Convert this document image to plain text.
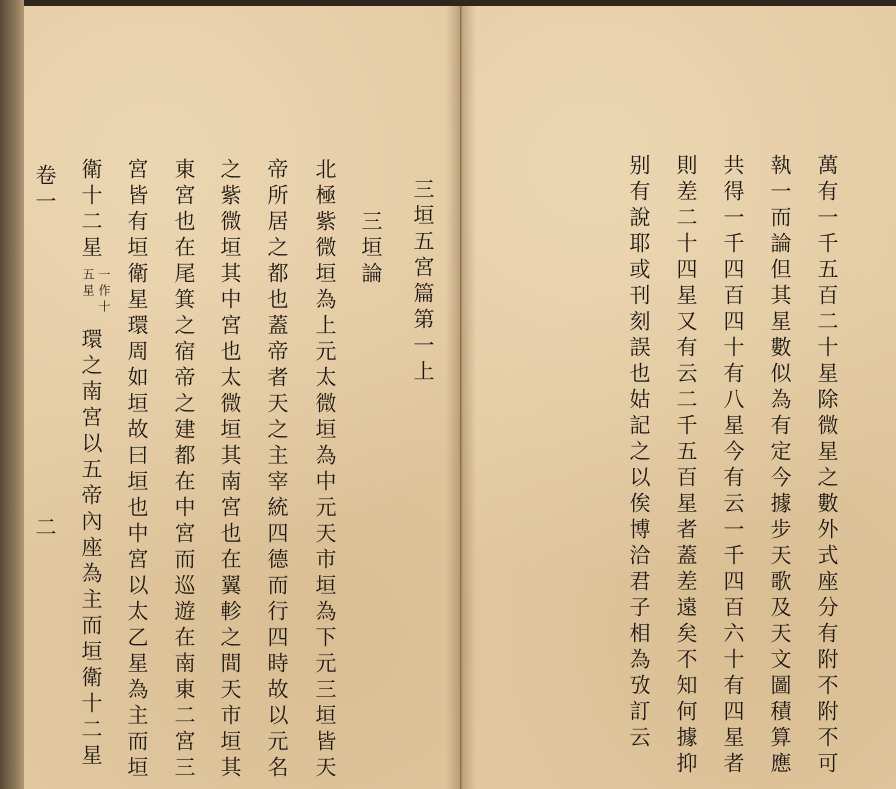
三垣五宮篇第一上
三垣論
北極紫微垣為上元太微垣為中元天市垣為下元三垣皆天
帝所居之都也蓋帝者天之主宰統四德而行四時故以元名
之紫微垣其中宮也太微垣其南宮也在翼軫之間天市垣其
東宮也在尾箕之宿帝之建都在中宮而巡遊在南東二宮三
宮皆有垣衛星環周如垣故曰垣也中宮以太乙星為主而垣
衛十二星
一作十
五星
環之南宮以五帝內座為主而垣衛十二星
卷一
二	萬有一千五百二十星除微星之數外式座分有附不附不可
執一而論但其星數似為有定今據步天歌及天文圖積算應
共得一千四百四十有八星今有云一千四百六十有四星者
則差二十四星又有云二千五百星者蓋差遠矣不知何據抑
别有說耶或刊刻誤也姑記之以俟博洽君子相為攷訂云
